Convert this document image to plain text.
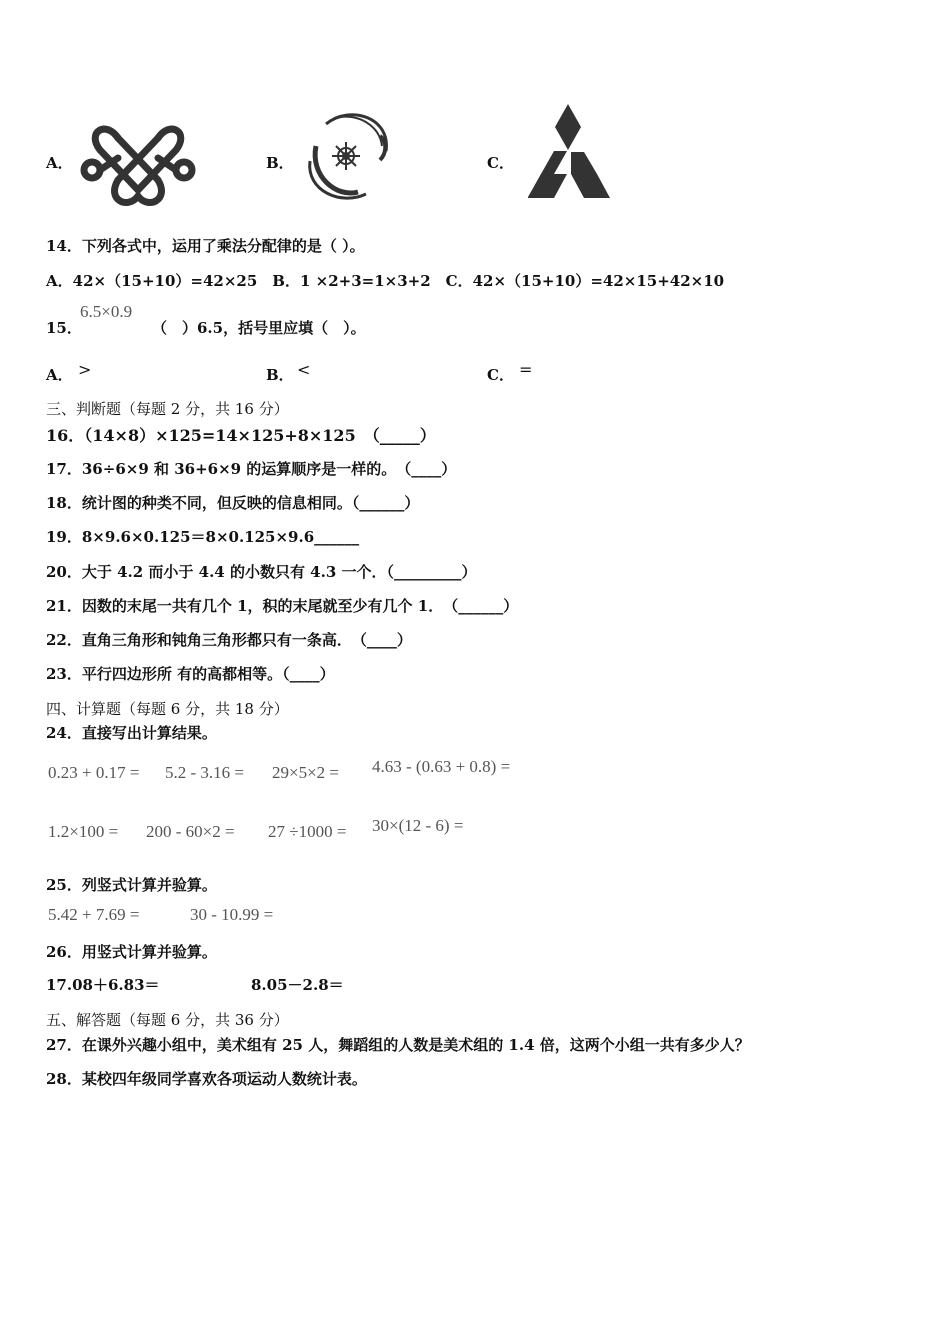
A．	B．	C．
14．下列各式中，运用了乘法分配律的是（ ）。
A．42×（15+10）=42×25　B．1 ×2+3=1×3+2　C．42×（15+10）=42×15+42×10
15．
6.5×0.9
（　）6.5，括号里应填（　）。
A． >	B． <	C． =
三、判断题（每题 2 分，共 16 分）
16．（14×8）×125=14×125+8×125　（_____）
17．36÷6×9 和 36+6×9 的运算顺序是一样的。　（____）
18．统计图的种类不同，但反映的信息相同。（______）
19．8×9.6×0.125＝8×0.125×9.6______
20．大于 4.2 而小于 4.4 的小数只有 4.3 一个．（_________）
21．因数的末尾一共有几个 1，积的末尾就至少有几个 1．　（______）
22．直角三角形和钝角三角形都只有一条高．　（____）
23．平行四边形所 有的高都相等。（____）
四、计算题（每题 6 分，共 18 分）
24．直接写出计算结果。
0.23 + 0.17 = 5.2 - 3.16 = 29×5×2 = 4.63 - (0.63 + 0.8) =
1.2×100 = 200 - 60×2 = 27 ÷1000 = 30×(12 - 6) =
25．列竖式计算并验算。
5.42 + 7.69 =	30 - 10.99 =
26．用竖式计算并验算。
17.08＋6.83＝	8.05－2.8＝
五、解答题（每题 6 分，共 36 分）
27．在课外兴趣小组中，美术组有 25 人，舞蹈组的人数是美术组的 1.4 倍，这两个小组一共有多少人？
28．某校四年级同学喜欢各项运动人数统计表。
